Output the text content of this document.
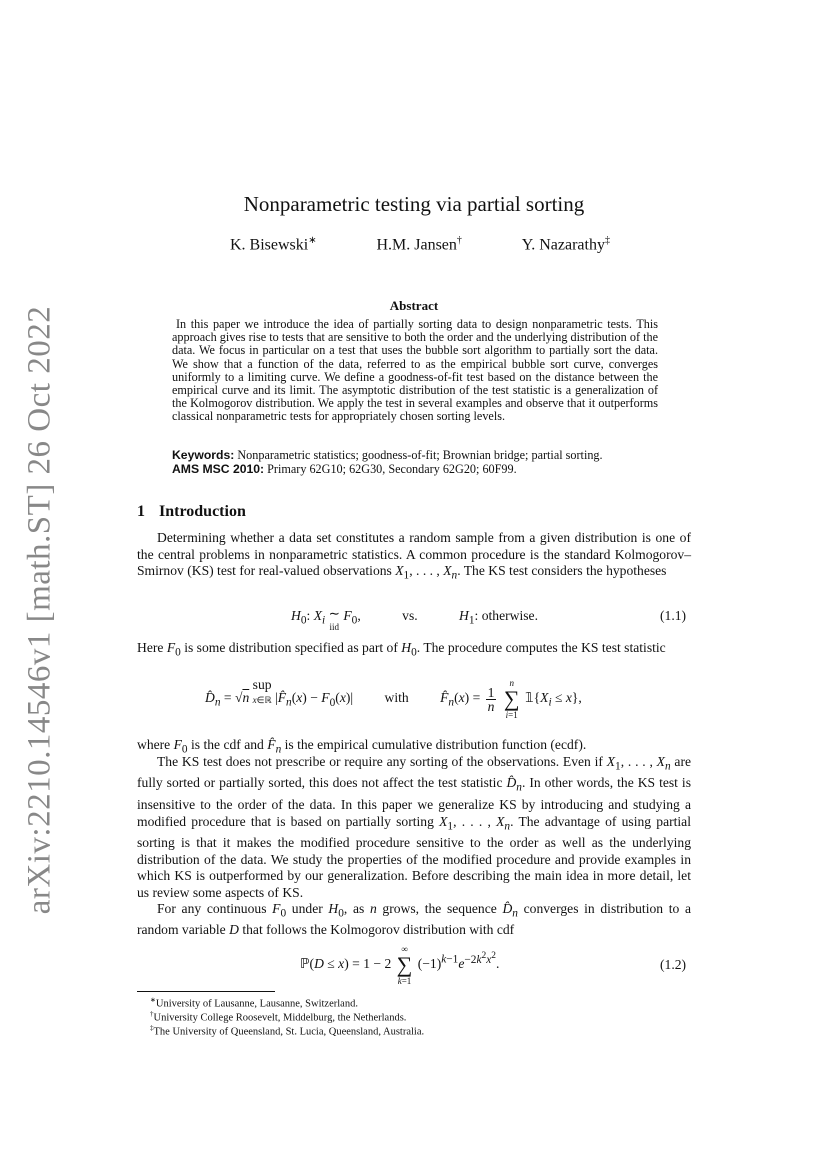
arXiv:2210.14546v1 [math.ST] 26 Oct 2022
Nonparametric testing via partial sorting
K. Bisewski∗	H.M. Jansen†	Y. Nazarathy‡
Abstract
In this paper we introduce the idea of partially sorting data to design nonparametric tests. This approach gives rise to tests that are sensitive to both the order and the underlying distribution of the data. We focus in particular on a test that uses the bubble sort algorithm to partially sort the data. We show that a function of the data, referred to as the empirical bubble sort curve, converges uniformly to a limiting curve. We define a goodness-of-fit test based on the distance between the empirical curve and its limit. The asymptotic distribution of the test statistic is a generalization of the Kolmogorov distribution. We apply the test in several examples and observe that it outperforms classical nonparametric tests for appropriately chosen sorting levels.
Keywords: Nonparametric statistics; goodness-of-fit; Brownian bridge; partial sorting.
AMS MSC 2010: Primary 62G10; 62G30, Secondary 62G20; 60F99.
1 Introduction
Determining whether a data set constitutes a random sample from a given distribution is one of the central problems in nonparametric statistics. A common procedure is the standard Kolmogorov–Smirnov (KS) test for real-valued observations $X_1$, . . . , $X_n$. The KS test considers the hypotheses
$H_0$: $X_i$ ∼
iid $F_0$,	vs.	$H_1$: otherwise.	(1.1)
Here $F_0$ is some distribution specified as part of $H_0$. The procedure computes the KS test statistic
$D̂_n = √n$ sup
x∈ℝ $|F̂_n(x) - F_0(x)|$ with $F̂_n(x) = \frac{1}{n}$

n
∑
i=1
$𝟙\{X_i \le x\}$,
where $F_0$ is the cdf and $F̂_n$ is the empirical cumulative distribution function (ecdf).
The KS test does not prescribe or require any sorting of the observations. Even if $X_1$, . . . , $X_n$ are fully sorted or partially sorted, this does not affect the test statistic $D̂_n$. In other words, the KS test is insensitive to the order of the data. In this paper we generalize KS by introducing and studying a modified procedure that is based on partially sorting $X_1$, . . . , $X_n$. The advantage of using partial sorting is that it makes the modified procedure sensitive to the order as well as the underlying distribution of the data. We study the properties of the modified procedure and provide examples in which KS is outperformed by our generalization. Before describing the main idea in more detail, let us review some aspects of KS.
For any continuous $F_0$ under $H_0$, as n grows, the sequence $D̂_n$ converges in distribution to a random variable D that follows the Kolmogorov distribution with cdf
ℙ(D ≤ x) = 1 − 2
∞
∑
k=1
$(-1)^{k-1}e^{-2k^2x^2}$.	(1.2)
∗University of Lausanne, Lausanne, Switzerland.
†University College Roosevelt, Middelburg, the Netherlands.
‡The University of Queensland, St. Lucia, Queensland, Australia.
